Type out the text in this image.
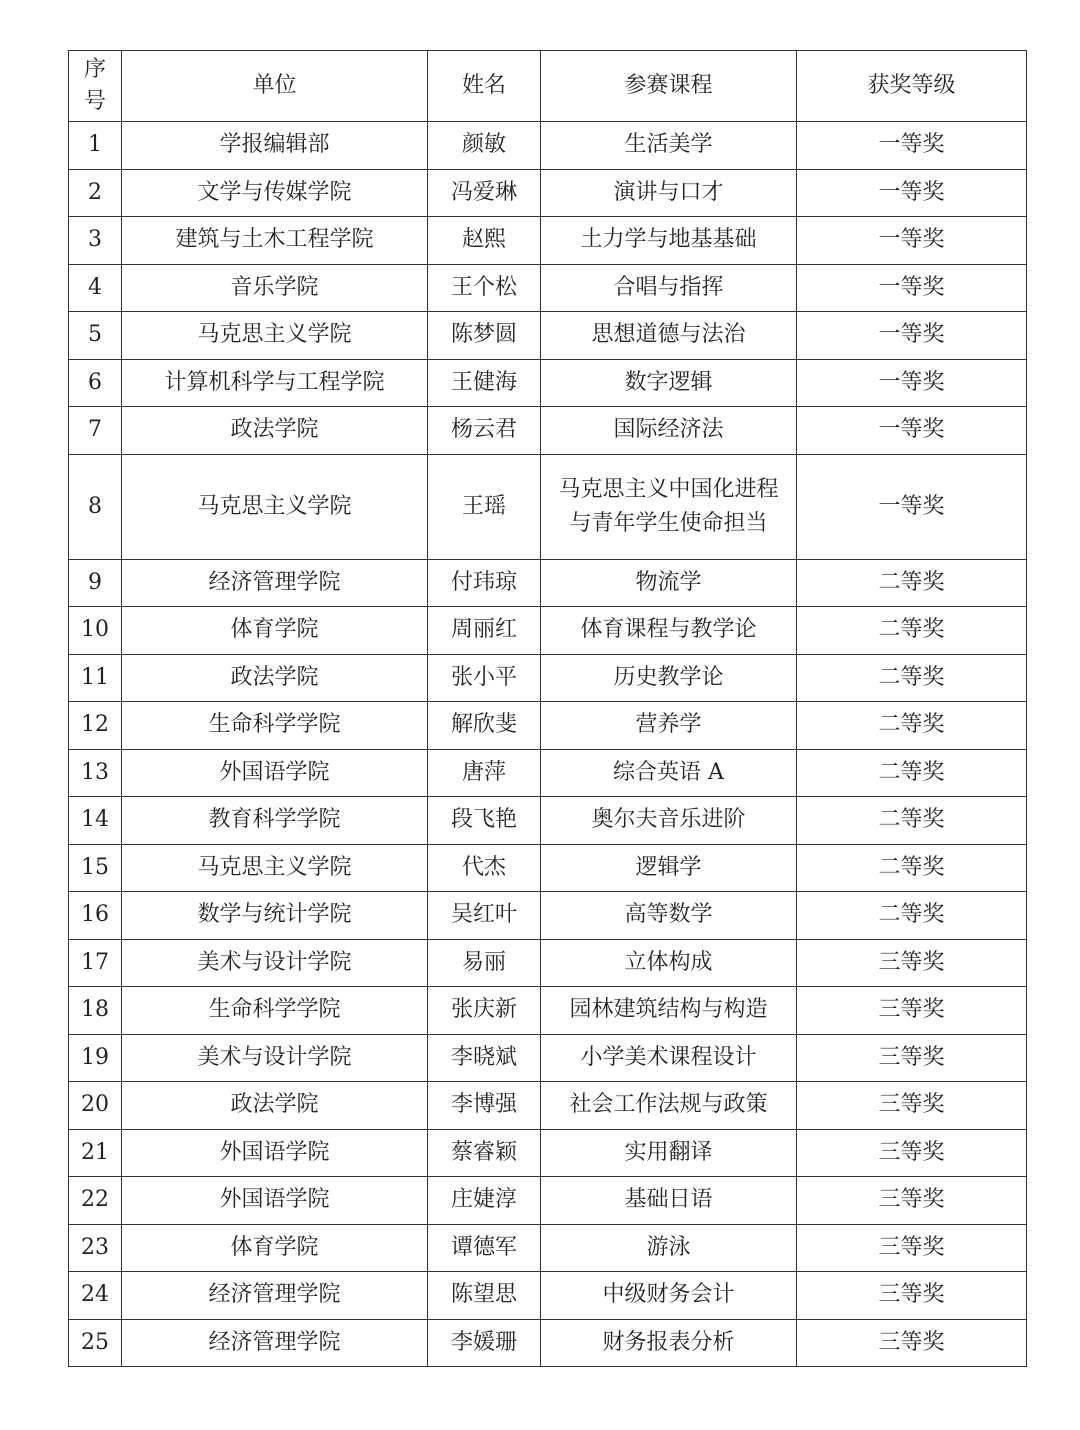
序号	单位	姓名	参赛课程	获奖等级
1	学报编辑部	颜敏	生活美学	一等奖
2	文学与传媒学院	冯爱琳	演讲与口才	一等奖
3	建筑与土木工程学院	赵熙	土力学与地基基础	一等奖
4	音乐学院	王个松	合唱与指挥	一等奖
5	马克思主义学院	陈梦圆	思想道德与法治	一等奖
6	计算机科学与工程学院	王健海	数字逻辑	一等奖
7	政法学院	杨云君	国际经济法	一等奖
8	马克思主义学院	王瑶	马克思主义中国化进程与青年学生使命担当	一等奖
9	经济管理学院	付玮琼	物流学	二等奖
10	体育学院	周丽红	体育课程与教学论	二等奖
11	政法学院	张小平	历史教学论	二等奖
12	生命科学学院	解欣斐	营养学	二等奖
13	外国语学院	唐萍	综合英语 A	二等奖
14	教育科学学院	段飞艳	奥尔夫音乐进阶	二等奖
15	马克思主义学院	代杰	逻辑学	二等奖
16	数学与统计学院	吴红叶	高等数学	二等奖
17	美术与设计学院	易丽	立体构成	三等奖
18	生命科学学院	张庆新	园林建筑结构与构造	三等奖
19	美术与设计学院	李晓斌	小学美术课程设计	三等奖
20	政法学院	李博强	社会工作法规与政策	三等奖
21	外国语学院	蔡睿颖	实用翻译	三等奖
22	外国语学院	庄婕淳	基础日语	三等奖
23	体育学院	谭德军	游泳	三等奖
24	经济管理学院	陈望思	中级财务会计	三等奖
25	经济管理学院	李媛珊	财务报表分析	三等奖
